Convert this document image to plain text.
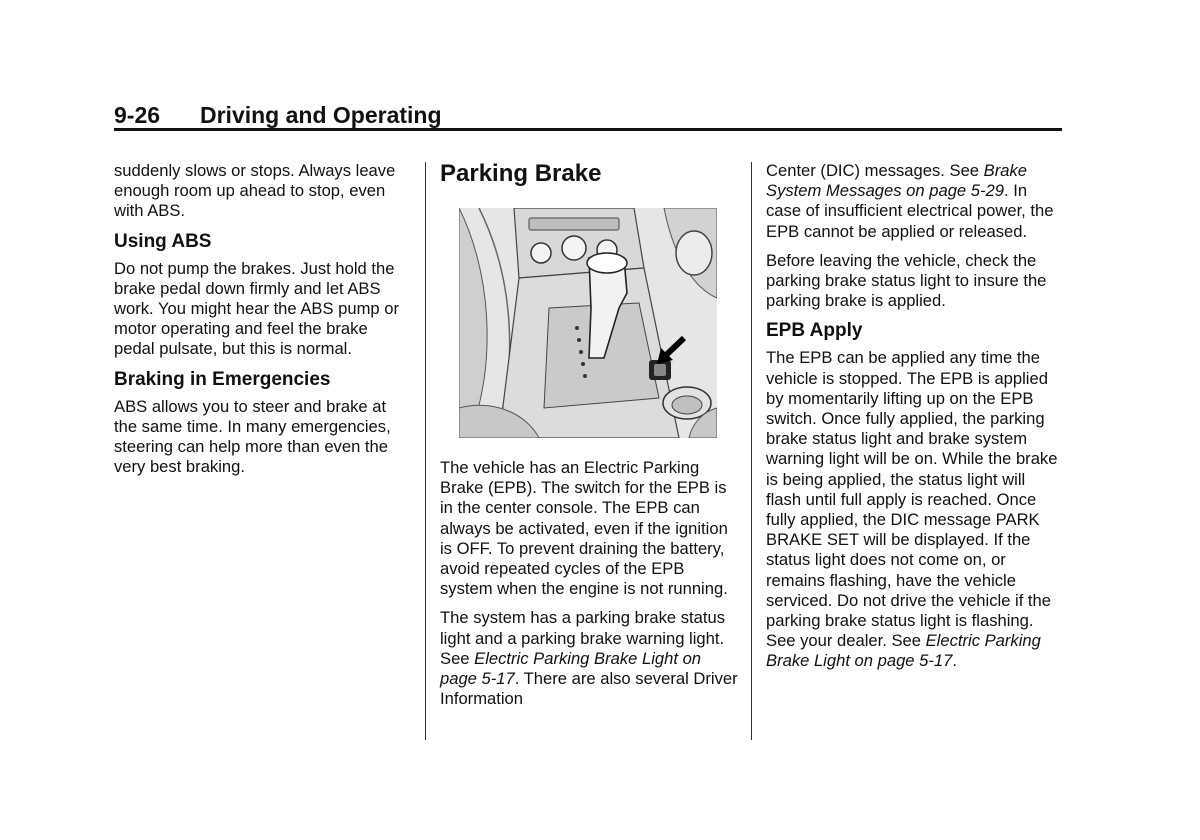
9-26 Driving and Operating

suddenly slows or stops. Always leave enough room up ahead to stop, even with ABS.

Using ABS

Do not pump the brakes. Just hold the brake pedal down firmly and let ABS work. You might hear the ABS pump or motor operating and feel the brake pedal pulsate, but this is normal.

Braking in Emergencies

ABS allows you to steer and brake at the same time. In many emergencies, steering can help more than even the very best braking.

Parking Brake

The vehicle has an Electric Parking Brake (EPB). The switch for the EPB is in the center console. The EPB can always be activated, even if the ignition is OFF. To prevent draining the battery, avoid repeated cycles of the EPB system when the engine is not running.

The system has a parking brake status light and a parking brake warning light. See Electric Parking Brake Light on page 5-17. There are also several Driver Information

Center (DIC) messages. See Brake System Messages on page 5-29. In case of insufficient electrical power, the EPB cannot be applied or released.

Before leaving the vehicle, check the parking brake status light to insure the parking brake is applied.

EPB Apply

The EPB can be applied any time the vehicle is stopped. The EPB is applied by momentarily lifting up on the EPB switch. Once fully applied, the parking brake status light and brake system warning light will be on. While the brake is being applied, the status light will flash until full apply is reached. Once fully applied, the DIC message PARK BRAKE SET will be displayed. If the status light does not come on, or remains flashing, have the vehicle serviced. Do not drive the vehicle if the parking brake status light is flashing. See your dealer. See Electric Parking Brake Light on page 5-17.
